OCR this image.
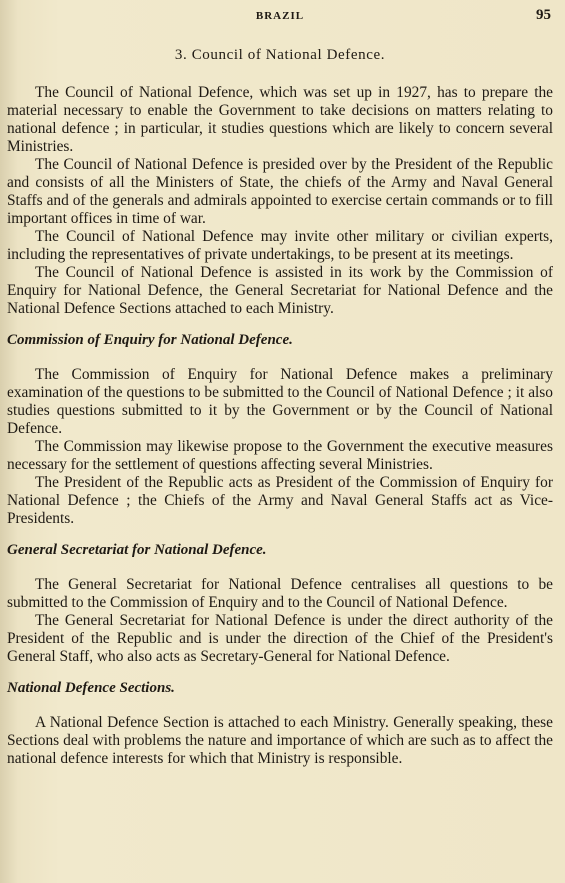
BRAZIL	95
3. Council of National Defence.

The Council of National Defence, which was set up in 1927, has to prepare the material necessary to enable the Government to take decisions on matters relating to national defence ; in particular, it studies questions which are likely to concern several Ministries.

The Council of National Defence is presided over by the President of the Republic and consists of all the Ministers of State, the chiefs of the Army and Naval General Staffs and of the generals and admirals appointed to exercise certain commands or to fill important offices in time of war.

The Council of National Defence may invite other military or civilian experts, including the representatives of private undertakings, to be present at its meetings.

The Council of National Defence is assisted in its work by the Commission of Enquiry for National Defence, the General Secretariat for National Defence and the National Defence Sections attached to each Ministry.

Commission of Enquiry for National Defence.

The Commission of Enquiry for National Defence makes a preliminary examination of the questions to be submitted to the Council of National Defence ; it also studies questions submitted to it by the Government or by the Council of National Defence.

The Commission may likewise propose to the Government the executive measures necessary for the settlement of questions affecting several Ministries.

The President of the Republic acts as President of the Commission of Enquiry for National Defence ; the Chiefs of the Army and Naval General Staffs act as Vice-Presidents.

General Secretariat for National Defence.

The General Secretariat for National Defence centralises all questions to be submitted to the Commission of Enquiry and to the Council of National Defence.

The General Secretariat for National Defence is under the direct authority of the President of the Republic and is under the direction of the Chief of the President's General Staff, who also acts as Secretary-General for National Defence.

National Defence Sections.

A National Defence Section is attached to each Ministry. Generally speaking, these Sections deal with problems the nature and importance of which are such as to affect the national defence interests for which that Ministry is responsible.
